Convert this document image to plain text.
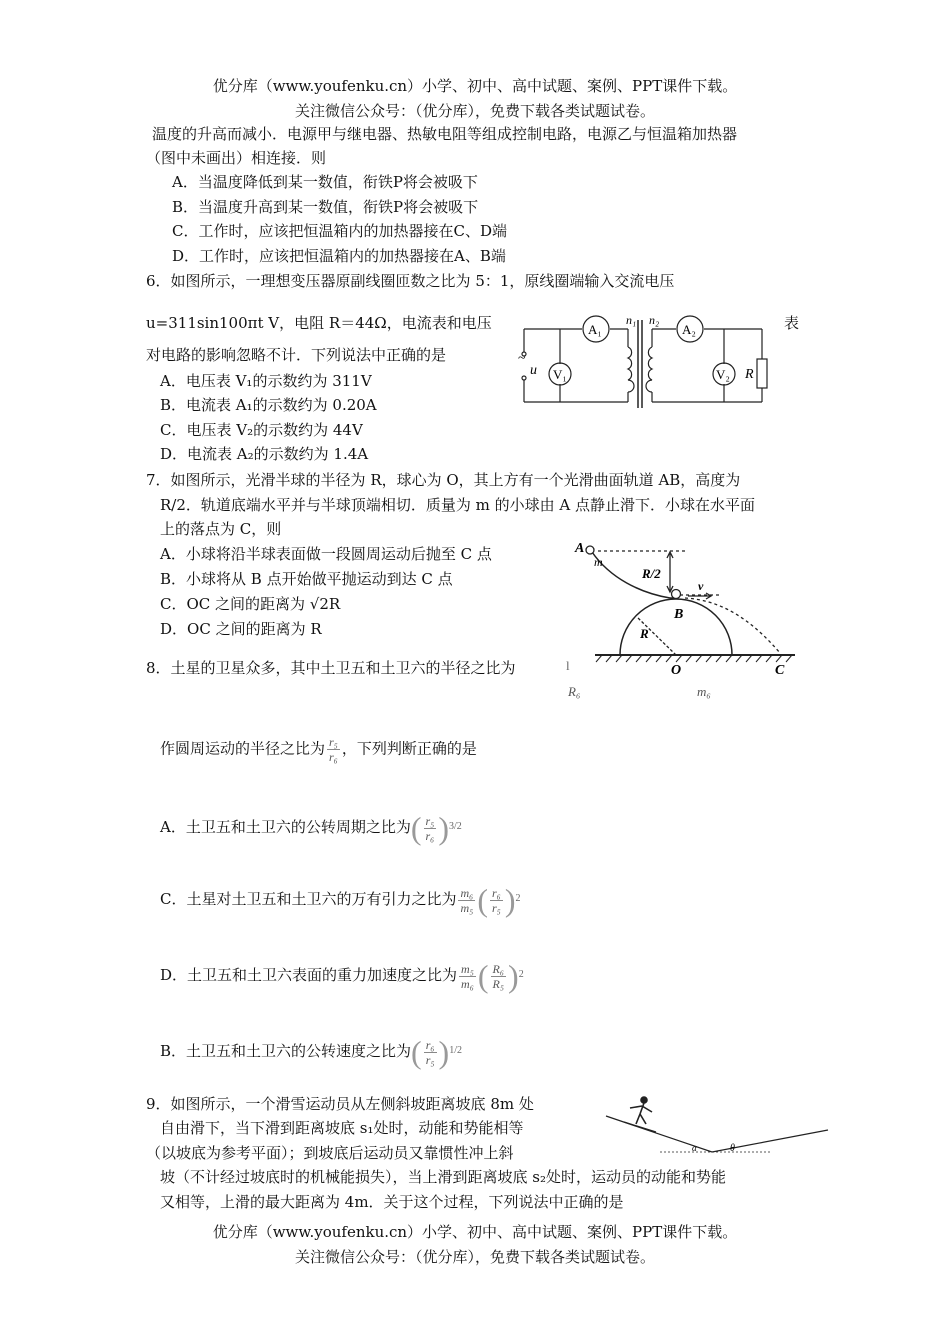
优分库（www.youfenku.cn）小学、初中、高中试题、案例、PPT课件下载。
关注微信公众号：（优分库），免费下载各类试题试卷。
温度的升高而减小．电源甲与继电器、热敏电阻等组成控制电路，电源乙与恒温箱加热器
（图中未画出）相连接．则
A．当温度降低到某一数值，衔铁P将会被吸下
B．当温度升高到某一数值，衔铁P将会被吸下
C．工作时，应该把恒温箱内的加热器接在C、D端
D．工作时，应该把恒温箱内的加热器接在A、B端
6．如图所示，一理想变压器原副线圈匝数之比为 5：1，原线圈端输入交流电压
u=311sin100πt V，电阻 R＝44Ω，电流表和电压	表
对电路的影响忽略不计．下列说法中正确的是
A．电压表 V₁的示数约为 311V
B．电流表 A₁的示数约为 0.20A
C．电压表 V₂的示数约为 44V
D．电流表 A₂的示数约为 1.4A
A₁
V₁
A₂
V₂
n₁ n₂
~
u	R
7．如图所示，光滑半球的半径为 R，球心为 O，其上方有一个光滑曲面轨道 AB，高度为
R/2．轨道底端水平并与半球顶端相切．质量为 m 的小球由 A 点静止滑下．小球在水平面
上的落点为 C，则
A．小球将沿半球表面做一段圆周运动后抛至 C 点
B．小球将从 B 点开始做平抛运动到达 C 点
C．OC 之间的距离为 √2R
D．OC 之间的距离为 R
A
m
R/2
v
B
R
O	C
8．土星的卫星众多，其中土卫五和土卫六的半径之比为	l
R₆	m₆
作圆周运动的半径之比为 $\frac{\text{r₅}}{\text{r₆}}$ ，下列判断正确的是
A．土卫五和土卫六的公转周期之比为( $\frac{\text{r₅}}{\text{r₆}} )^{3/2}$
C．土星对土卫五和土卫六的万有引力之比为 $\frac{\text{m₆}}{\text{m₅}}$ ( $\frac{\text{r₆}}{\text{r₅}} )^2$
D．土卫五和土卫六表面的重力加速度之比为 $\frac{\text{m₅}}{\text{m₆}}$ ( $\frac{\text{R₆}}{\text{R₅}} )^2$
B．土卫五和土卫六的公转速度之比为( $\frac{\text{r₆}}{\text{r₅}} )^{1/2}$
9．如图所示，一个滑雪运动员从左侧斜坡距离坡底 8m 处
自由滑下，当下滑到距离坡底 s₁处时，动能和势能相等
（以坡底为参考平面）；到坡底后运动员又靠惯性冲上斜
坡（不计经过坡底时的机械能损失），当上滑到距离坡底 s₂处时，运动员的动能和势能
又相等，上滑的最大距离为 4m．关于这个过程，下列说法中正确的是
α	θ
优分库（www.youfenku.cn）小学、初中、高中试题、案例、PPT课件下载。
关注微信公众号：（优分库），免费下载各类试题试卷。
